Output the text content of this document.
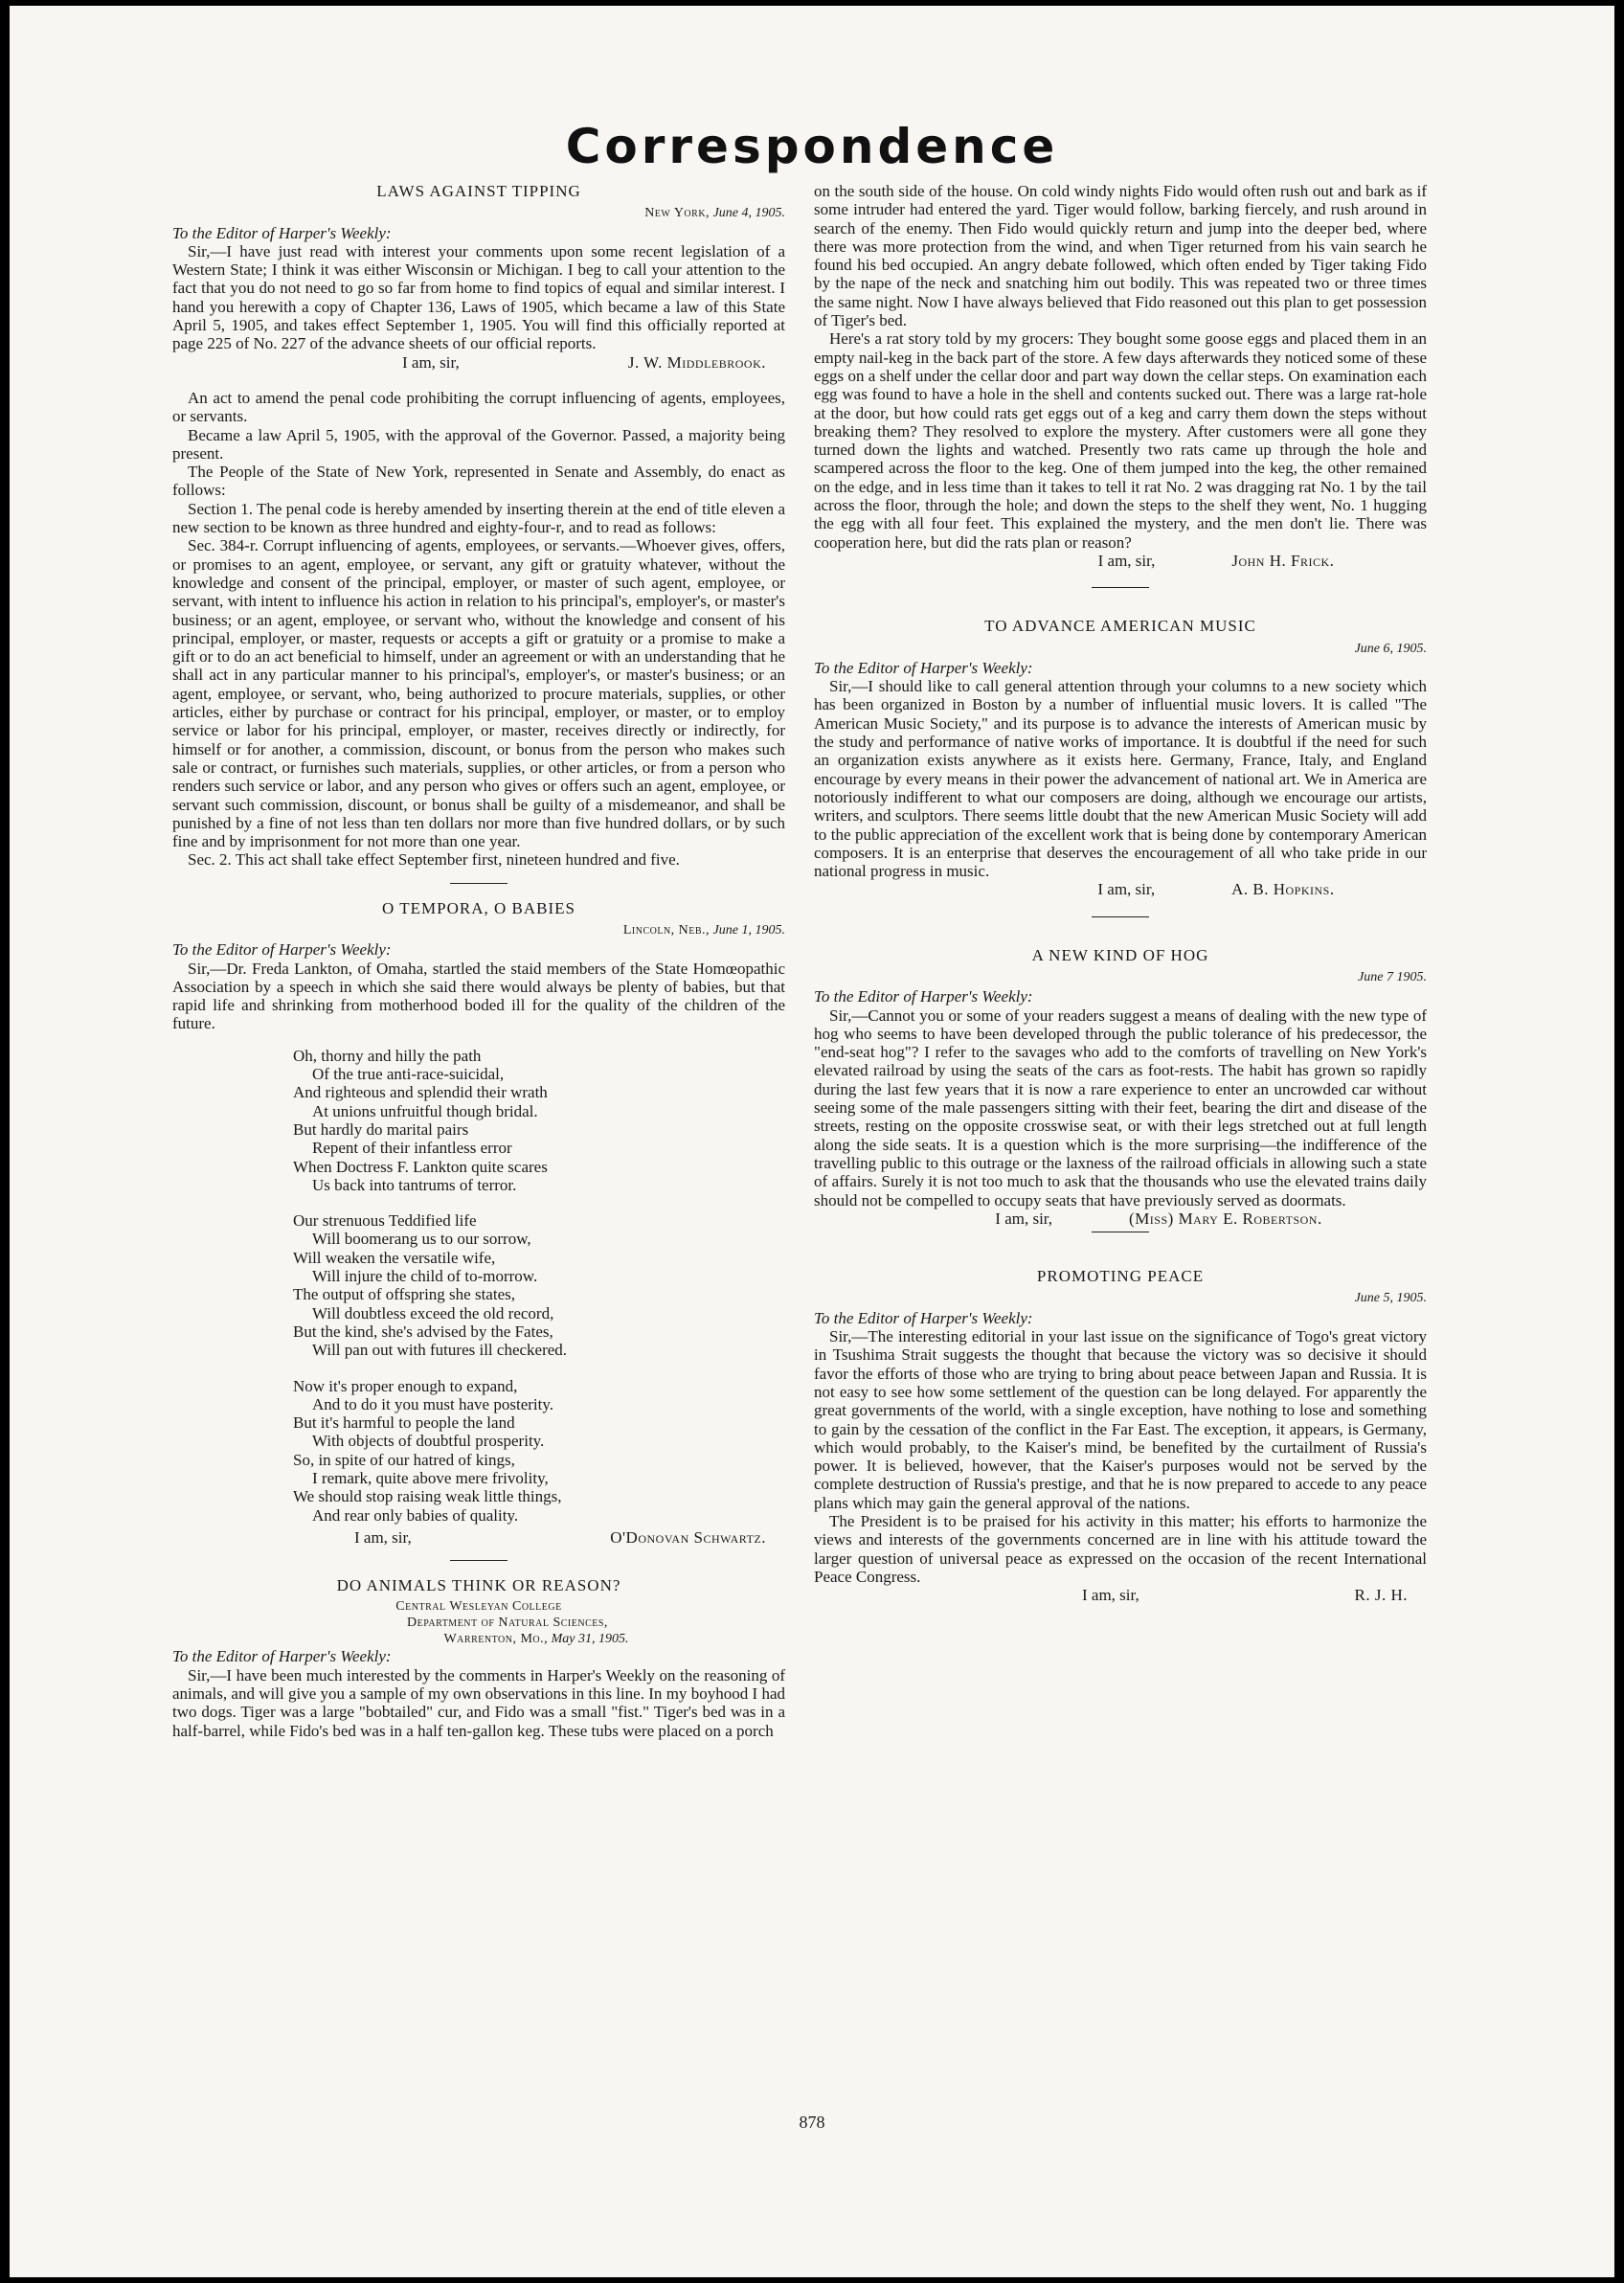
Correspondence
LAWS AGAINST TIPPING
New York, June 4, 1905.

To the Editor of Harper's Weekly:

Sir,—I have just read with interest your comments upon some recent legislation of a Western State; I think it was either Wisconsin or Michigan. I beg to call your attention to the fact that you do not need to go so far from home to find topics of equal and similar interest. I hand you herewith a copy of Chapter 136, Laws of 1905, which became a law of this State April 5, 1905, and takes effect September 1, 1905. You will find this officially reported at page 225 of No. 227 of the advance sheets of our official reports.

I am, sir,	J. W. Middlebrook.

An act to amend the penal code prohibiting the corrupt influencing of agents, employees, or servants.

Became a law April 5, 1905, with the approval of the Governor. Passed, a majority being present.

The People of the State of New York, represented in Senate and Assembly, do enact as follows:

Section 1. The penal code is hereby amended by inserting therein at the end of title eleven a new section to be known as three hundred and eighty-four-r, and to read as follows:

Sec. 384-r. Corrupt influencing of agents, employees, or servants.—Whoever gives, offers, or promises to an agent, employee, or servant, any gift or gratuity whatever, without the knowledge and consent of the principal, employer, or master of such agent, employee, or servant, with intent to influence his action in relation to his principal's, employer's, or master's business; or an agent, employee, or servant who, without the knowledge and consent of his principal, employer, or master, requests or accepts a gift or gratuity or a promise to make a gift or to do an act beneficial to himself, under an agreement or with an understanding that he shall act in any particular manner to his principal's, employer's, or master's business; or an agent, employee, or servant, who, being authorized to procure materials, supplies, or other articles, either by purchase or contract for his principal, employer, or master, or to employ service or labor for his principal, employer, or master, receives directly or indirectly, for himself or for another, a commission, discount, or bonus from the person who makes such sale or contract, or furnishes such materials, supplies, or other articles, or from a person who renders such service or labor, and any person who gives or offers such an agent, employee, or servant such commission, discount, or bonus shall be guilty of a misdemeanor, and shall be punished by a fine of not less than ten dollars nor more than five hundred dollars, or by such fine and by imprisonment for not more than one year.

Sec. 2. This act shall take effect September first, nineteen hundred and five.

O TEMPORA, O BABIES
Lincoln, Neb., June 1, 1905.

To the Editor of Harper's Weekly:

Sir,—Dr. Freda Lankton, of Omaha, startled the staid members of the State Homœopathic Association by a speech in which she said there would always be plenty of babies, but that rapid life and shrinking from motherhood boded ill for the quality of the children of the future.

Oh, thorny and hilly the path
Of the true anti-race-suicidal,
And righteous and splendid their wrath
At unions unfruitful though bridal.
But hardly do marital pairs
Repent of their infantless error
When Doctress F. Lankton quite scares
Us back into tantrums of terror.
Our strenuous Teddified life
Will boomerang us to our sorrow,
Will weaken the versatile wife,
Will injure the child of to-morrow.
The output of offspring she states,
Will doubtless exceed the old record,
But the kind, she's advised by the Fates,
Will pan out with futures ill checkered.
Now it's proper enough to expand,
And to do it you must have posterity.
But it's harmful to people the land
With objects of doubtful prosperity.
So, in spite of our hatred of kings,
I remark, quite above mere frivolity,
We should stop raising weak little things,
And rear only babies of quality.
I am, sir,	O'Donovan Schwartz.
DO ANIMALS THINK OR REASON?
Central Wesleyan College
Department of Natural Sciences,
Warrenton, Mo., May 31, 1905.

To the Editor of Harper's Weekly:

Sir,—I have been much interested by the comments in Harper's Weekly on the reasoning of animals, and will give you a sample of my own observations in this line. In my boyhood I had two dogs. Tiger was a large "bobtailed" cur, and Fido was a small "fist." Tiger's bed was in a half-barrel, while Fido's bed was in a half ten-gallon keg. These tubs were placed on a porch

on the south side of the house. On cold windy nights Fido would often rush out and bark as if some intruder had entered the yard. Tiger would follow, barking fiercely, and rush around in search of the enemy. Then Fido would quickly return and jump into the deeper bed, where there was more protection from the wind, and when Tiger returned from his vain search he found his bed occupied. An angry debate followed, which often ended by Tiger taking Fido by the nape of the neck and snatching him out bodily. This was repeated two or three times the same night. Now I have always believed that Fido reasoned out this plan to get possession of Tiger's bed.

Here's a rat story told by my grocers: They bought some goose eggs and placed them in an empty nail-keg in the back part of the store. A few days afterwards they noticed some of these eggs on a shelf under the cellar door and part way down the cellar steps. On examination each egg was found to have a hole in the shell and contents sucked out. There was a large rat-hole at the door, but how could rats get eggs out of a keg and carry them down the steps without breaking them? They resolved to explore the mystery. After customers were all gone they turned down the lights and watched. Presently two rats came up through the hole and scampered across the floor to the keg. One of them jumped into the keg, the other remained on the edge, and in less time than it takes to tell it rat No. 2 was dragging rat No. 1 by the tail across the floor, through the hole; and down the steps to the shelf they went, No. 1 hugging the egg with all four feet. This explained the mystery, and the men don't lie. There was cooperation here, but did the rats plan or reason?

I am, sir,	John H. Frick.
TO ADVANCE AMERICAN MUSIC
June 6, 1905.

To the Editor of Harper's Weekly:

Sir,—I should like to call general attention through your columns to a new society which has been organized in Boston by a number of influential music lovers. It is called "The American Music Society," and its purpose is to advance the interests of American music by the study and performance of native works of importance. It is doubtful if the need for such an organization exists anywhere as it exists here. Germany, France, Italy, and England encourage by every means in their power the advancement of national art. We in America are notoriously indifferent to what our composers are doing, although we encourage our artists, writers, and sculptors. There seems little doubt that the new American Music Society will add to the public appreciation of the excellent work that is being done by contemporary American composers. It is an enterprise that deserves the encouragement of all who take pride in our national progress in music.

I am, sir,	A. B. Hopkins.
A NEW KIND OF HOG
June 7 1905.

To the Editor of Harper's Weekly:

Sir,—Cannot you or some of your readers suggest a means of dealing with the new type of hog who seems to have been developed through the public tolerance of his predecessor, the "end-seat hog"? I refer to the savages who add to the comforts of travelling on New York's elevated railroad by using the seats of the cars as foot-rests. The habit has grown so rapidly during the last few years that it is now a rare experience to enter an uncrowded car without seeing some of the male passengers sitting with their feet, bearing the dirt and disease of the streets, resting on the opposite crosswise seat, or with their legs stretched out at full length along the side seats. It is a question which is the more surprising—the indifference of the travelling public to this outrage or the laxness of the railroad officials in allowing such a state of affairs. Surely it is not too much to ask that the thousands who use the elevated trains daily should not be compelled to occupy seats that have previously served as doormats.

I am, sir,	(Miss) Mary E. Robertson.
PROMOTING PEACE
June 5, 1905.

To the Editor of Harper's Weekly:

Sir,—The interesting editorial in your last issue on the significance of Togo's great victory in Tsushima Strait suggests the thought that because the victory was so decisive it should favor the efforts of those who are trying to bring about peace between Japan and Russia. It is not easy to see how some settlement of the question can be long delayed. For apparently the great governments of the world, with a single exception, have nothing to lose and something to gain by the cessation of the conflict in the Far East. The exception, it appears, is Germany, which would probably, to the Kaiser's mind, be benefited by the curtailment of Russia's power. It is believed, however, that the Kaiser's purposes would not be served by the complete destruction of Russia's prestige, and that he is now prepared to accede to any peace plans which may gain the general approval of the nations.

The President is to be praised for his activity in this matter; his efforts to harmonize the views and interests of the governments concerned are in line with his attitude toward the larger question of universal peace as expressed on the occasion of the recent International Peace Congress.

I am, sir,	R. J. H.
878
